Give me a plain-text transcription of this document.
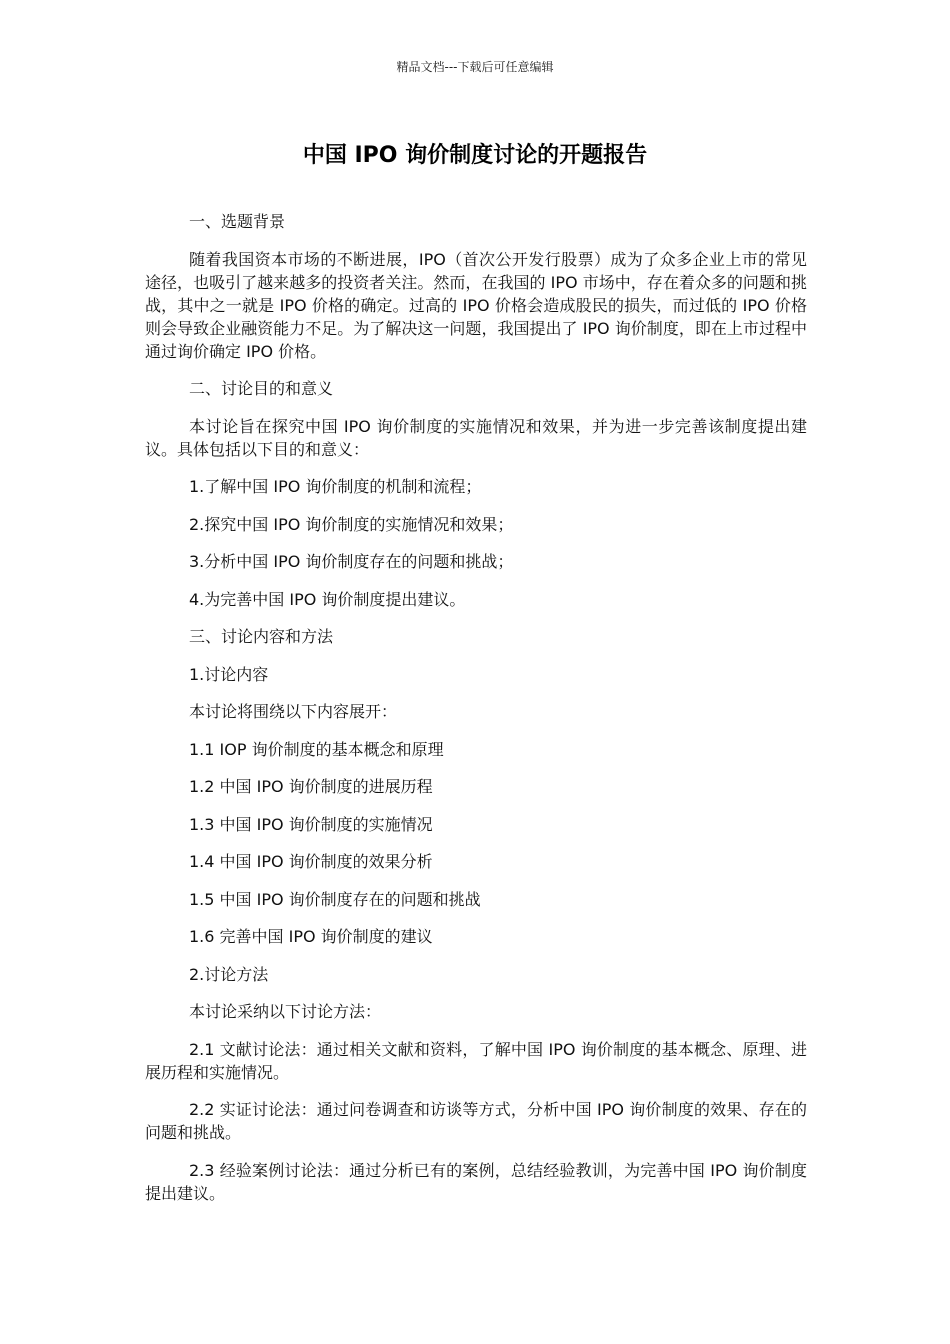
精品文档---下载后可任意编辑
中国 IPO 询价制度讨论的开题报告

一、选题背景

随着我国资本市场的不断进展，IPO（首次公开发行股票）成为了众多企业上市的常见途径，也吸引了越来越多的投资者关注。然而，在我国的 IPO 市场中，存在着众多的问题和挑战，其中之一就是 IPO 价格的确定。过高的 IPO 价格会造成股民的损失，而过低的 IPO 价格则会导致企业融资能力不足。为了解决这一问题，我国提出了 IPO 询价制度，即在上市过程中通过询价确定 IPO 价格。

二、讨论目的和意义

本讨论旨在探究中国 IPO 询价制度的实施情况和效果，并为进一步完善该制度提出建议。具体包括以下目的和意义：

1.了解中国 IPO 询价制度的机制和流程；

2.探究中国 IPO 询价制度的实施情况和效果；

3.分析中国 IPO 询价制度存在的问题和挑战；

4.为完善中国 IPO 询价制度提出建议。

三、讨论内容和方法

1.讨论内容

本讨论将围绕以下内容展开：

1.1 IOP 询价制度的基本概念和原理

1.2 中国 IPO 询价制度的进展历程

1.3 中国 IPO 询价制度的实施情况

1.4 中国 IPO 询价制度的效果分析

1.5 中国 IPO 询价制度存在的问题和挑战

1.6 完善中国 IPO 询价制度的建议

2.讨论方法

本讨论采纳以下讨论方法：

2.1 文献讨论法：通过相关文献和资料，了解中国 IPO 询价制度的基本概念、原理、进展历程和实施情况。

2.2 实证讨论法：通过问卷调查和访谈等方式，分析中国 IPO 询价制度的效果、存在的问题和挑战。

2.3 经验案例讨论法：通过分析已有的案例，总结经验教训，为完善中国 IPO 询价制度提出建议。
